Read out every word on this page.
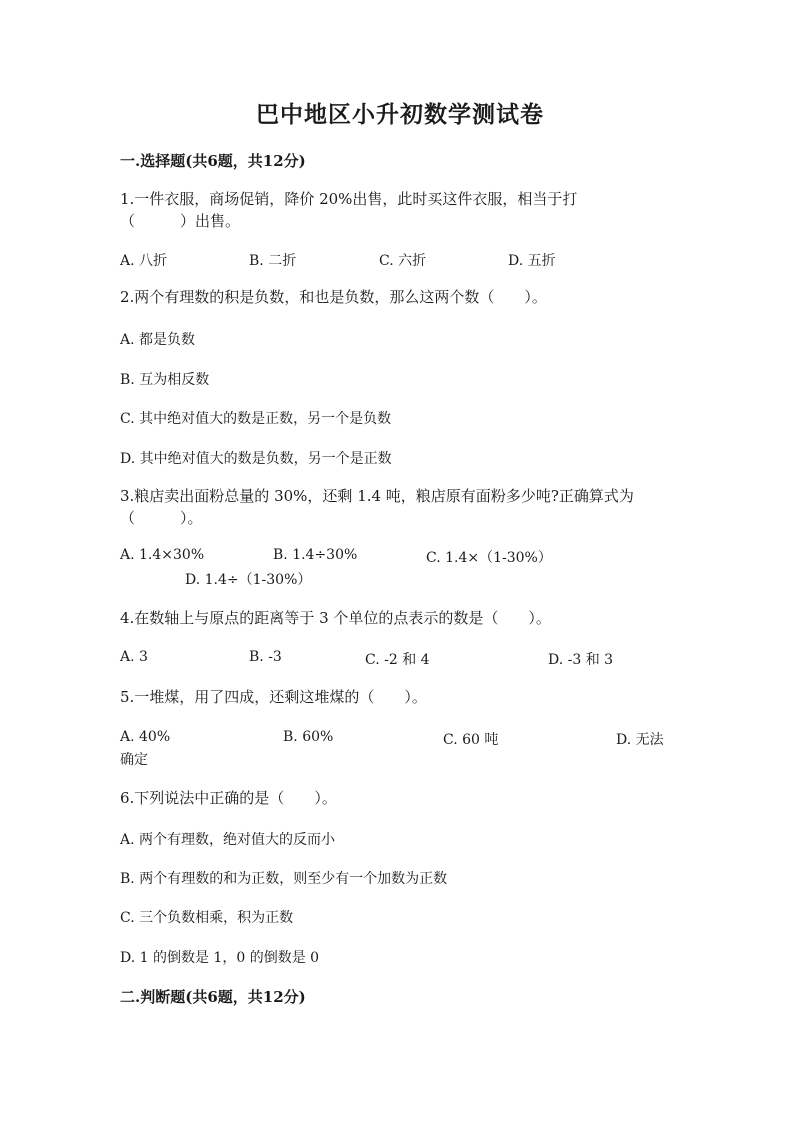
巴中地区小升初数学测试卷
一.选择题(共6题，共12分)
1.一件衣服，商场促销，降价 20%出售，此时买这件衣服，相当于打
（　　　）出售。
A. 八折	B. 二折	C. 六折	D. 五折
2.两个有理数的积是负数，和也是负数，那么这两个数（　　）。
A. 都是负数
B. 互为相反数
C. 其中绝对值大的数是正数，另一个是负数
D. 其中绝对值大的数是负数，另一个是正数
3.粮店卖出面粉总量的 30%，还剩 1.4 吨，粮店原有面粉多少吨?正确算式为
（　　　）。
A. 1.4×30%	B. 1.4÷30%	C. 1.4×（1-30%）
D. 1.4÷（1-30%）
4.在数轴上与原点的距离等于 3 个单位的点表示的数是（　　）。
A. 3	B. -3	C. -2 和 4	D. -3 和 3
5.一堆煤，用了四成，还剩这堆煤的（　　）。
A. 40%	B. 60%	C. 60 吨	D. 无法
确定
6.下列说法中正确的是（　　）。
A. 两个有理数，绝对值大的反而小
B. 两个有理数的和为正数，则至少有一个加数为正数
C. 三个负数相乘，积为正数
D. 1 的倒数是 1，0 的倒数是 0
二.判断题(共6题，共12分)
